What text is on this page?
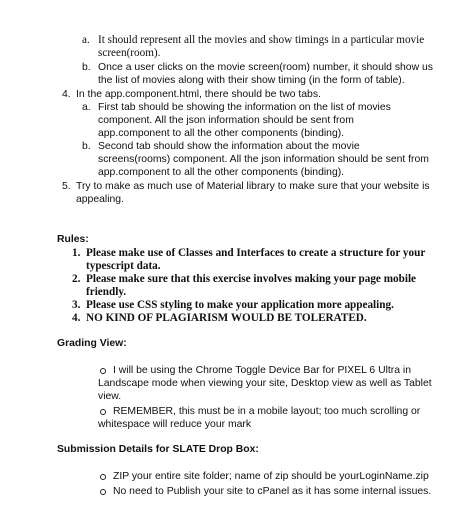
a. It should represent all the movies and show timings in a particular movie
screen(room).
b. Once a user clicks on the movie screen(room) number, it should show us
the list of movies along with their show timing (in the form of table).
4. In the app.component.html, there should be two tabs.
a. First tab should be showing the information on the list of movies
component. All the json information should be sent from
app.component to all the other components (binding).
b. Second tab should show the information about the movie
screens(rooms) component. All the json information should be sent from
app.component to all the other components (binding).
5. Try to make as much use of Material library to make sure that your website is
appealing.
Rules:
1. Please make use of Classes and Interfaces to create a structure for your
typescript data.
2. Please make sure that this exercise involves making your page mobile
friendly.
3. Please use CSS styling to make your application more appealing.
4. NO KIND OF PLAGIARISM WOULD BE TOLERATED.
Grading View:
I will be using the Chrome Toggle Device Bar for PIXEL 6 Ultra in
Landscape mode when viewing your site, Desktop view as well as Tablet
view.
REMEMBER, this must be in a mobile layout; too much scrolling or
whitespace will reduce your mark
Submission Details for SLATE Drop Box:
ZIP your entire site folder; name of zip should be yourLoginName.zip
No need to Publish your site to cPanel as it has some internal issues.
